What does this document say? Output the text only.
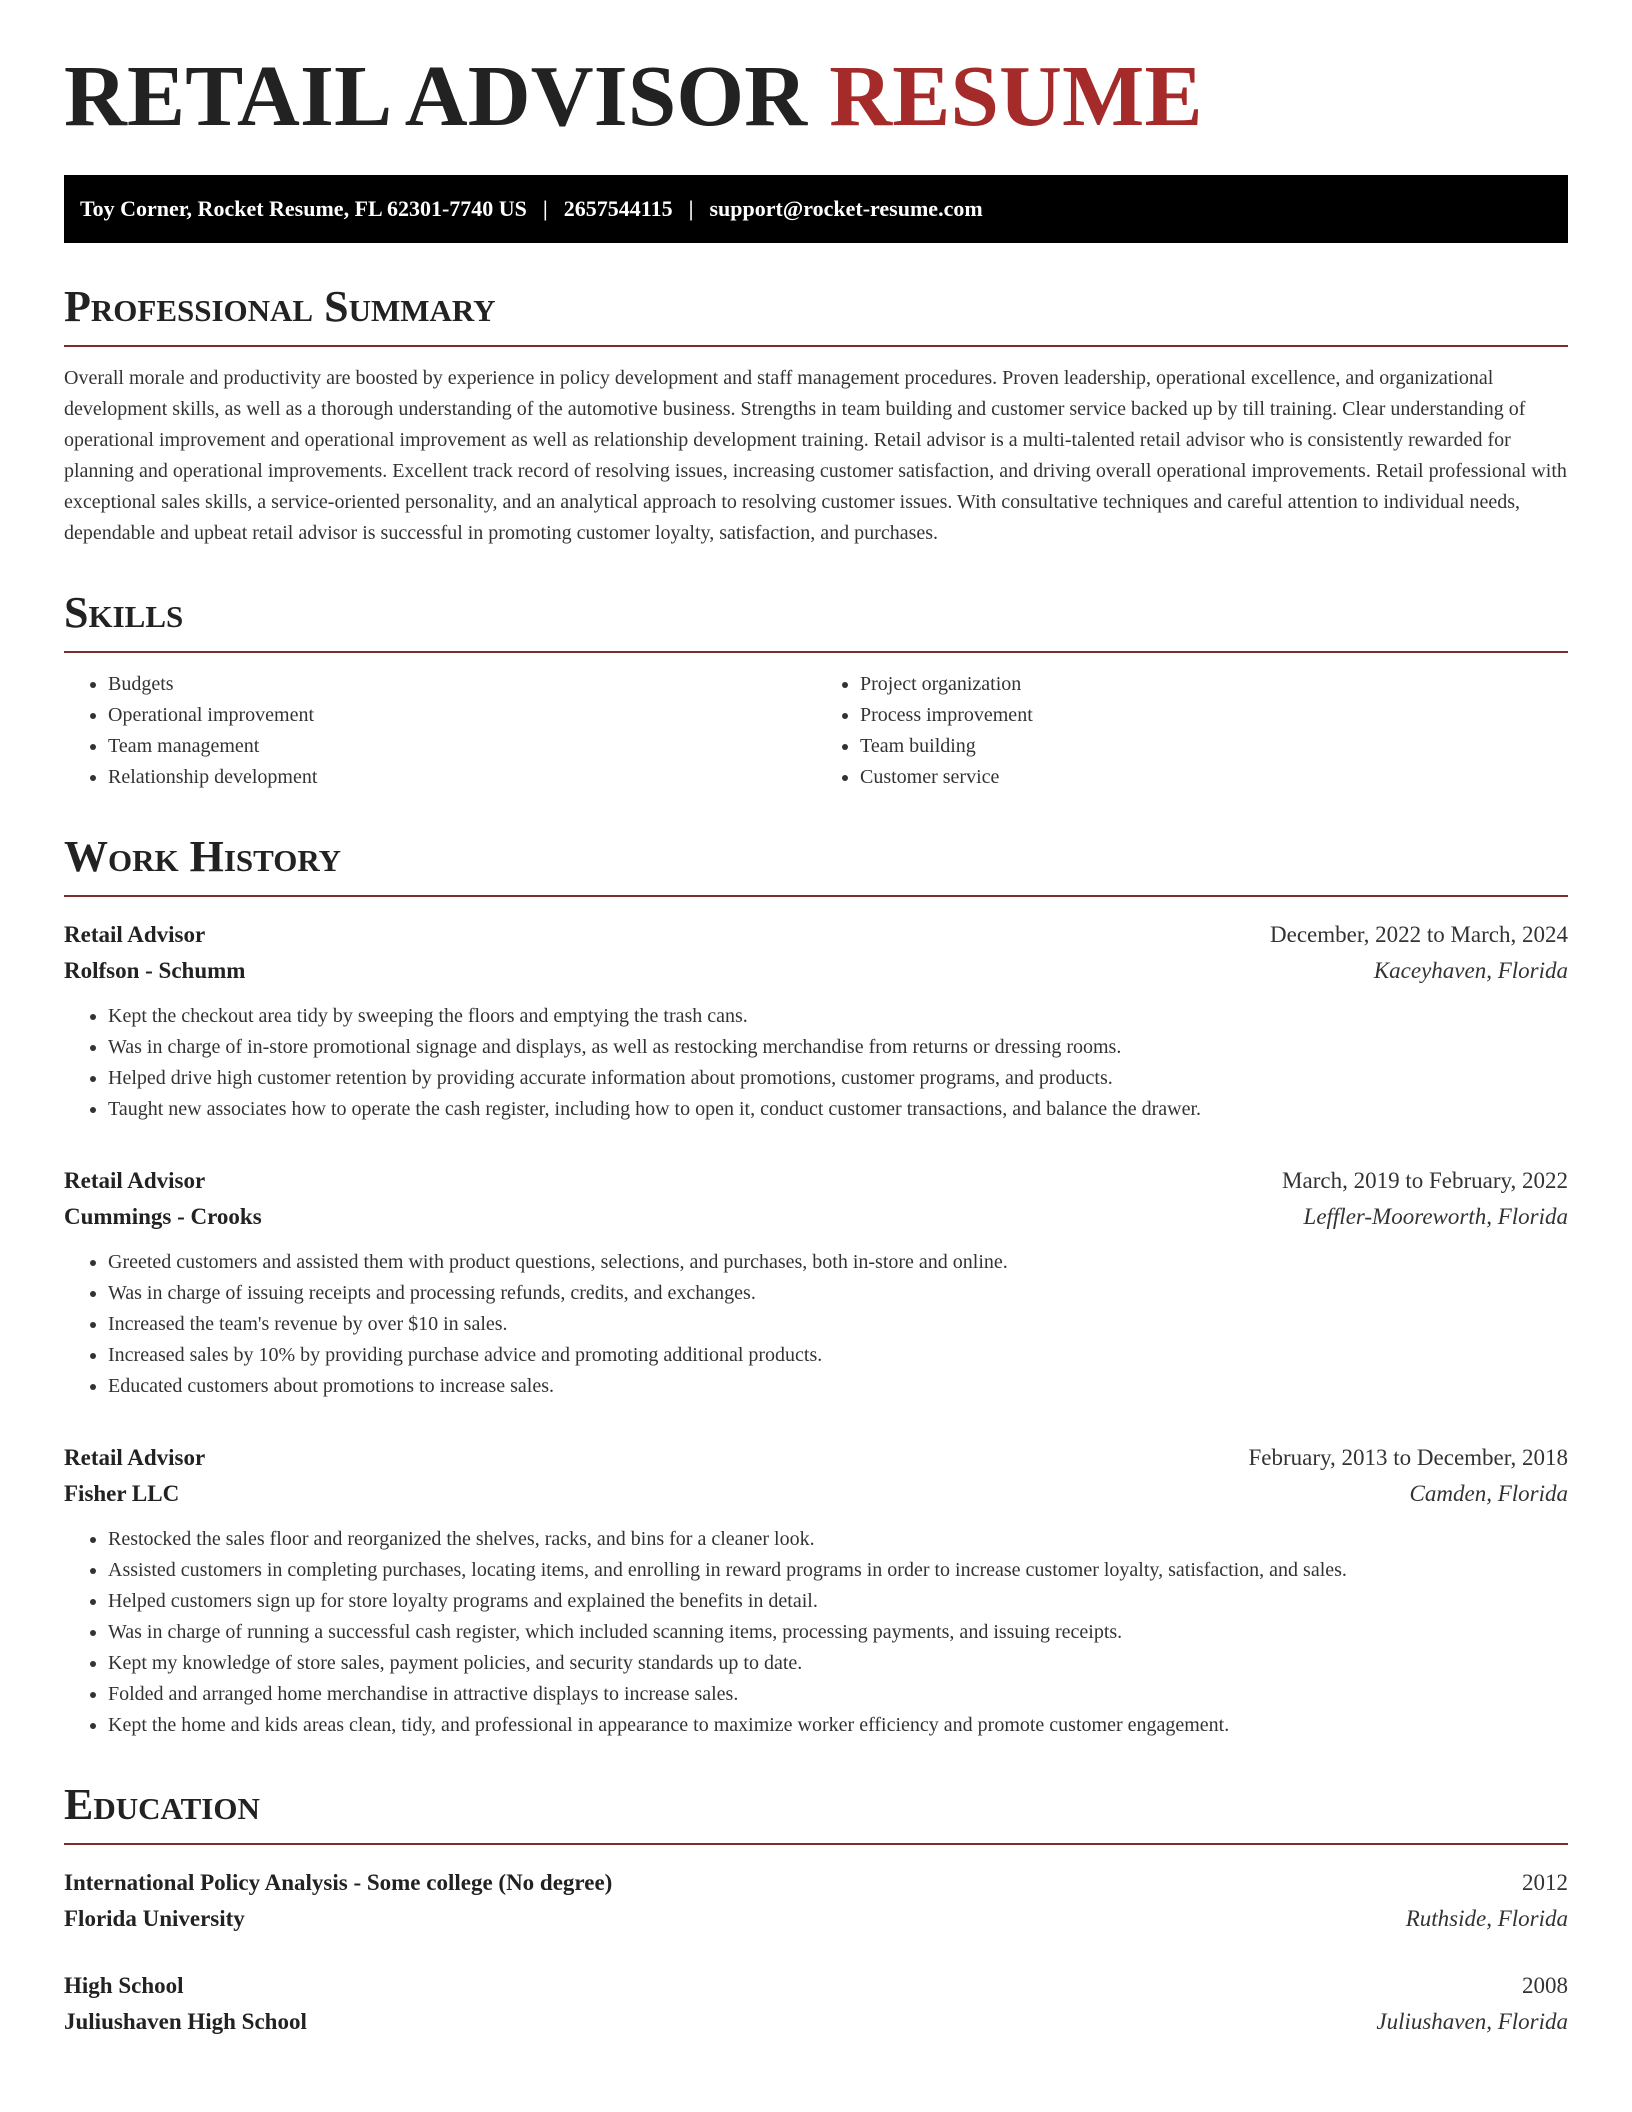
RETAIL ADVISOR RESUME
Toy Corner, Rocket Resume, FL 62301-7740 US | 2657544115 | support@rocket-resume.com
Professional Summary

Overall morale and productivity are boosted by experience in policy development and staff management procedures. Proven leadership, operational excellence, and organizational development skills, as well as a thorough understanding of the automotive business. Strengths in team building and customer service backed up by till training. Clear understanding of operational improvement and operational improvement as well as relationship development training. Retail advisor is a multi-talented retail advisor who is consistently rewarded for planning and operational improvements. Excellent track record of resolving issues, increasing customer satisfaction, and driving overall operational improvements. Retail professional with exceptional sales skills, a service-oriented personality, and an analytical approach to resolving customer issues. With consultative techniques and careful attention to individual needs, dependable and upbeat retail advisor is successful in promoting customer loyalty, satisfaction, and purchases.

Skills
• Budgets
• Operational improvement
• Team management
• Relationship development
• Project organization
• Process improvement
• Team building
• Customer service
Work History
Retail Advisor	December, 2022 to March, 2024
Rolfson - Schumm	Kaceyhaven, Florida
• Kept the checkout area tidy by sweeping the floors and emptying the trash cans.
• Was in charge of in-store promotional signage and displays, as well as restocking merchandise from returns or dressing rooms.
• Helped drive high customer retention by providing accurate information about promotions, customer programs, and products.
• Taught new associates how to operate the cash register, including how to open it, conduct customer transactions, and balance the drawer.
Retail Advisor	March, 2019 to February, 2022
Cummings - Crooks	Leffler-Mooreworth, Florida
• Greeted customers and assisted them with product questions, selections, and purchases, both in-store and online.
• Was in charge of issuing receipts and processing refunds, credits, and exchanges.
• Increased the team's revenue by over $10 in sales.
• Increased sales by 10% by providing purchase advice and promoting additional products.
• Educated customers about promotions to increase sales.
Retail Advisor	February, 2013 to December, 2018
Fisher LLC	Camden, Florida
• Restocked the sales floor and reorganized the shelves, racks, and bins for a cleaner look.
• Assisted customers in completing purchases, locating items, and enrolling in reward programs in order to increase customer loyalty, satisfaction, and sales.
• Helped customers sign up for store loyalty programs and explained the benefits in detail.
• Was in charge of running a successful cash register, which included scanning items, processing payments, and issuing receipts.
• Kept my knowledge of store sales, payment policies, and security standards up to date.
• Folded and arranged home merchandise in attractive displays to increase sales.
• Kept the home and kids areas clean, tidy, and professional in appearance to maximize worker efficiency and promote customer engagement.
Education
International Policy Analysis - Some college (No degree)	2012
Florida University	Ruthside, Florida
High School	2008
Juliushaven High School	Juliushaven, Florida
